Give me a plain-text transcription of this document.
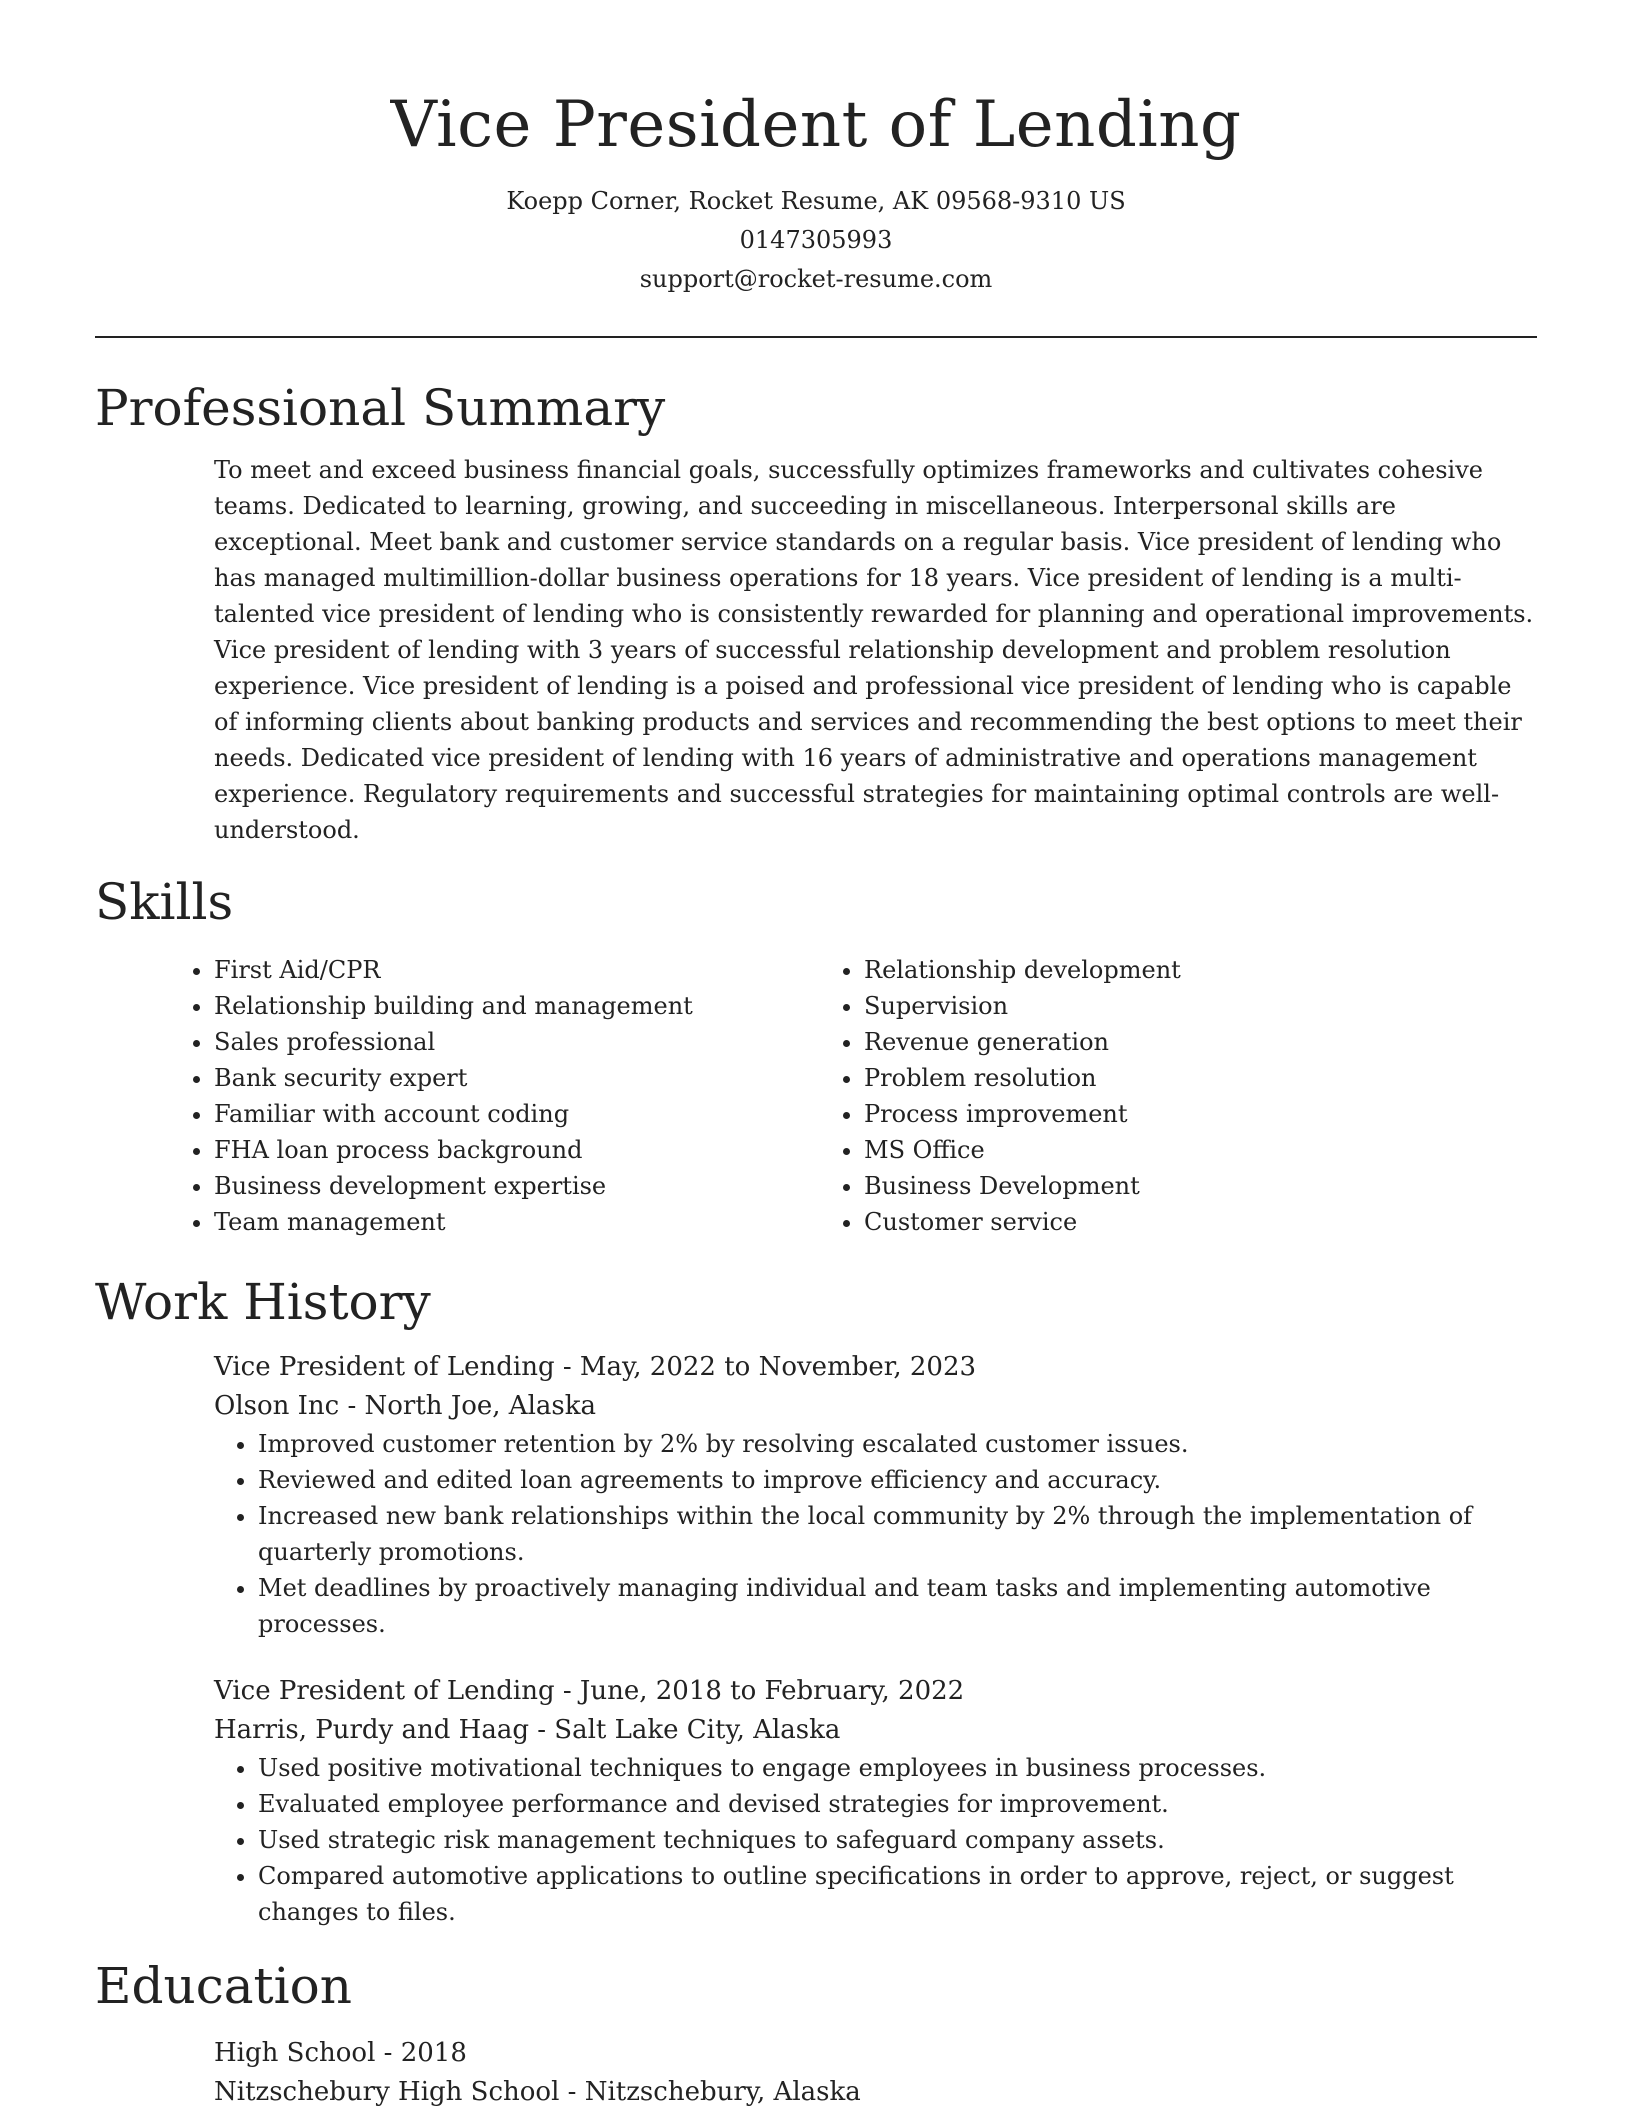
Vice President of Lending
Koepp Corner, Rocket Resume, AK 09568-9310 US
0147305993
support@rocket-resume.com
Professional Summary

To meet and exceed business financial goals, successfully optimizes frameworks and cultivates cohesive teams. Dedicated to learning, growing, and succeeding in miscellaneous. Interpersonal skills are exceptional. Meet bank and customer service standards on a regular basis. Vice president of lending who has managed multimillion-dollar business operations for 18 years. Vice president of lending is a multi-talented vice president of lending who is consistently rewarded for planning and operational improvements. Vice president of lending with 3 years of successful relationship development and problem resolution experience. Vice president of lending is a poised and professional vice president of lending who is capable of informing clients about banking products and services and recommending the best options to meet their needs. Dedicated vice president of lending with 16 years of administrative and operations management experience. Regulatory requirements and successful strategies for maintaining optimal controls are well-understood.

Skills
• First Aid/CPR
• Relationship building and management
• Sales professional
• Bank security expert
• Familiar with account coding
• FHA loan process background
• Business development expertise
• Team management
• Relationship development
• Supervision
• Revenue generation
• Problem resolution
• Process improvement
• MS Office
• Business Development
• Customer service
Work History
Vice President of Lending - May, 2022 to November, 2023
Olson Inc - North Joe, Alaska
• Improved customer retention by 2% by resolving escalated customer issues.
• Reviewed and edited loan agreements to improve efficiency and accuracy.
• Increased new bank relationships within the local community by 2% through the implementation of quarterly promotions.
• Met deadlines by proactively managing individual and team tasks and implementing automotive processes.
Vice President of Lending - June, 2018 to February, 2022
Harris, Purdy and Haag - Salt Lake City, Alaska
• Used positive motivational techniques to engage employees in business processes.
• Evaluated employee performance and devised strategies for improvement.
• Used strategic risk management techniques to safeguard company assets.
• Compared automotive applications to outline specifications in order to approve, reject, or suggest changes to files.
Education
High School - 2018
Nitzschebury High School - Nitzschebury, Alaska
